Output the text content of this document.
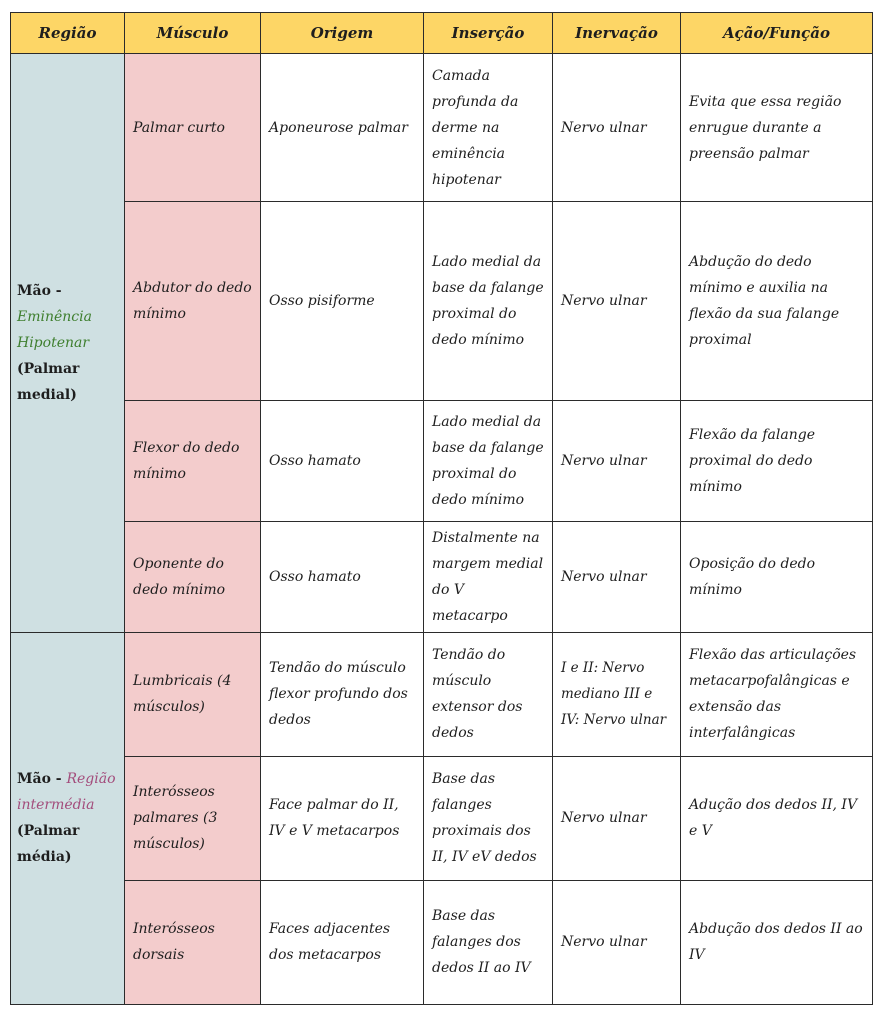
Região	Músculo	Origem	Inserção	Inervação	Ação/Função

Mão -
Eminência
Hipotenar
(Palmar
medial)	Palmar curto	Aponeurose palmar	Camada profunda da derme na eminência hipotenar	Nervo ulnar	Evita que essa região enrugue durante a preensão palmar
	Abdutor do dedo mínimo	Osso pisiforme	Lado medial da base da falange proximal do dedo mínimo	Nervo ulnar	Abdução do dedo mínimo e auxilia na flexão da sua falange proximal
	Flexor do dedo mínimo	Osso hamato	Lado medial da base da falange proximal do dedo mínimo	Nervo ulnar	Flexão da falange proximal do dedo mínimo
	Oponente do dedo mínimo	Osso hamato	Distalmente na margem medial do V metacarpo	Nervo ulnar	Oposição do dedo mínimo

Mão - Região
intermédia
(Palmar
média)	Lumbricais (4 músculos)	Tendão do músculo flexor profundo dos dedos	Tendão do músculo extensor dos dedos	I e II: Nervo mediano III e IV: Nervo ulnar	Flexão das articulações metacarpofalângicas e extensão das interfalângicas
	Interósseos palmares (3 músculos)	Face palmar do II, IV e V metacarpos	Base das falanges proximais dos II, IV eV dedos	Nervo ulnar	Adução dos dedos II, IV e V
	Interósseos dorsais	Faces adjacentes dos metacarpos	Base das falanges dos dedos II ao IV	Nervo ulnar	Abdução dos dedos II ao IV
